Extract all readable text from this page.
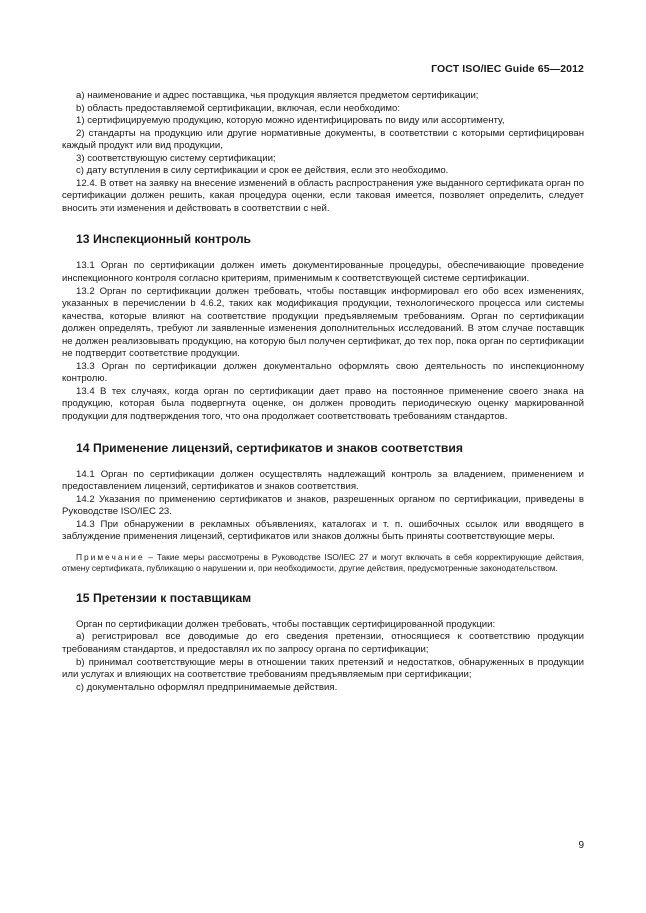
ГОСТ ISO/IEC Guide 65—2012

a) наименование и адрес поставщика, чья продукция является предметом сертификации;

b) область предоставляемой сертификации, включая, если необходимо:

1) сертифицируемую продукцию, которую можно идентифицировать по виду или ассортименту,

2) стандарты на продукцию или другие нормативные документы, в соответствии с которыми сертифицирован каждый продукт или вид продукции,

3) соответствующую систему сертификации;

c) дату вступления в силу сертификации и срок ее действия, если это необходимо.

12.4. В ответ на заявку на внесение изменений в область распространения уже выданного сертификата орган по сертификации должен решить, какая процедура оценки, если таковая имеется, позволяет определить, следует вносить эти изменения и действовать в соответствии с ней.

13 Инспекционный контроль

13.1 Орган по сертификации должен иметь документированные процедуры, обеспечивающие проведение инспекционного контроля согласно критериям, применимым к соответствующей системе сертификации.

13.2 Орган по сертификации должен требовать, чтобы поставщик информировал его обо всех изменениях, указанных в перечислении b 4.6.2, таких как модификация продукции, технологического процесса или системы качества, которые влияют на соответствие продукции предъявляемым требованиям. Орган по сертификации должен определять, требуют ли заявленные изменения дополнительных исследований. В этом случае поставщик не должен реализовывать продукцию, на которую был получен сертификат, до тех пор, пока орган по сертификации не подтвердит соответствие продукции.

13.3 Орган по сертификации должен документально оформлять свою деятельность по инспекционному контролю.

13.4 В тех случаях, когда орган по сертификации дает право на постоянное применение своего знака на продукцию, которая была подвергнута оценке, он должен проводить периодическую оценку маркированной продукции для подтверждения того, что она продолжает соответствовать требованиям стандартов.

14 Применение лицензий, сертификатов и знаков соответствия

14.1 Орган по сертификации должен осуществлять надлежащий контроль за владением, применением и предоставлением лицензий, сертификатов и знаков соответствия.

14.2 Указания по применению сертификатов и знаков, разрешенных органом по сертификации, приведены в Руководстве ISO/IEC 23.

14.3 При обнаружении в рекламных объявлениях, каталогах и т. п. ошибочных ссылок или вводящего в заблуждение применения лицензий, сертификатов или знаков должны быть приняты соответствующие меры.

Примечание – Такие меры рассмотрены в Руководстве ISO/IEC 27 и могут включать в себя корректирующие действия, отмену сертификата, публикацию о нарушении и, при необходимости, другие действия, предусмотренные законодательством.

15 Претензии к поставщикам

Орган по сертификации должен требовать, чтобы поставщик сертифицированной продукции:

a) регистрировал все доводимые до его сведения претензии, относящиеся к соответствию продукции требованиям стандартов, и предоставлял их по запросу органа по сертификации;

b) принимал соответствующие меры в отношении таких претензий и недостатков, обнаруженных в продукции или услугах и влияющих на соответствие требованиям предъявляемым при сертификации;

c) документально оформлял предпринимаемые действия.

9
